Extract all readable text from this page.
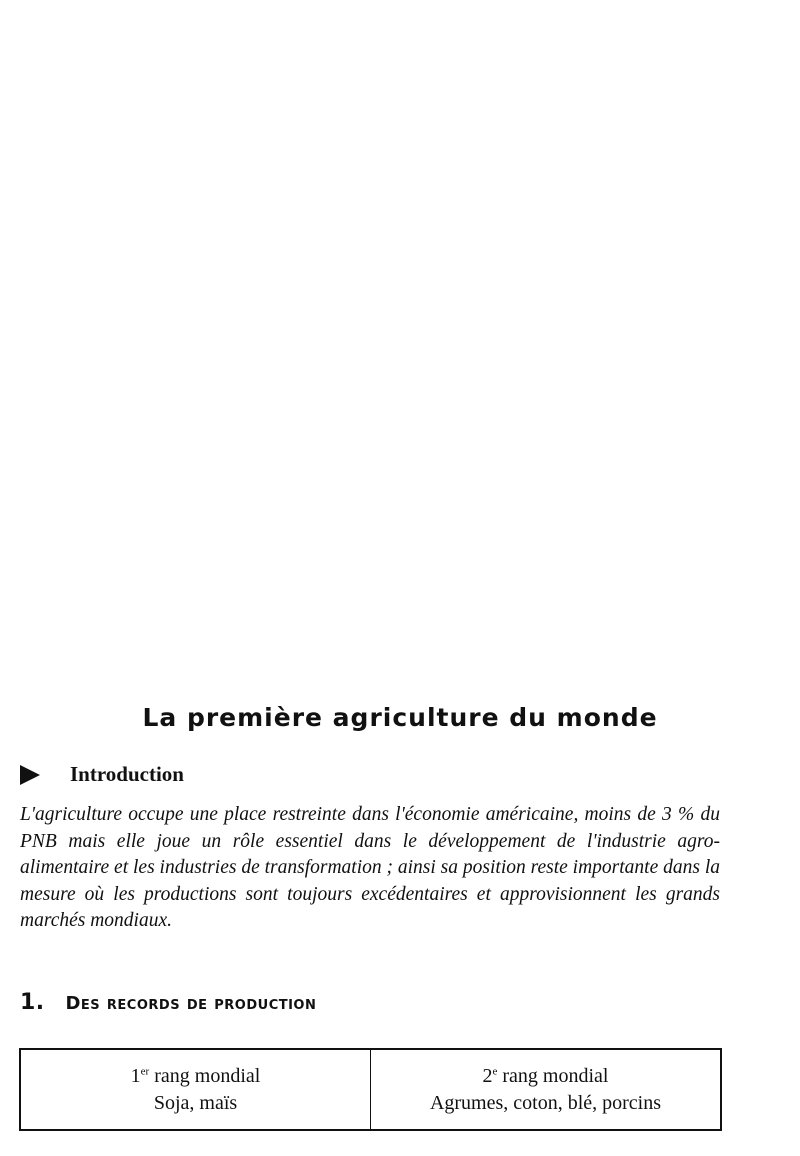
La première agriculture du monde
Introduction

L'agriculture occupe une place restreinte dans l'économie américaine, moins de 3 % du PNB mais elle joue un rôle essentiel dans le développement de l'industrie agro-alimentaire et les industries de transformation ; ainsi sa position reste importante dans la mesure où les productions sont toujours excédentaires et approvisionnent les grands marchés mondiaux.

1. Des records de production
1er rang mondial
Soja, maïs
2e rang mondial
Agrumes, coton, blé, porcins
